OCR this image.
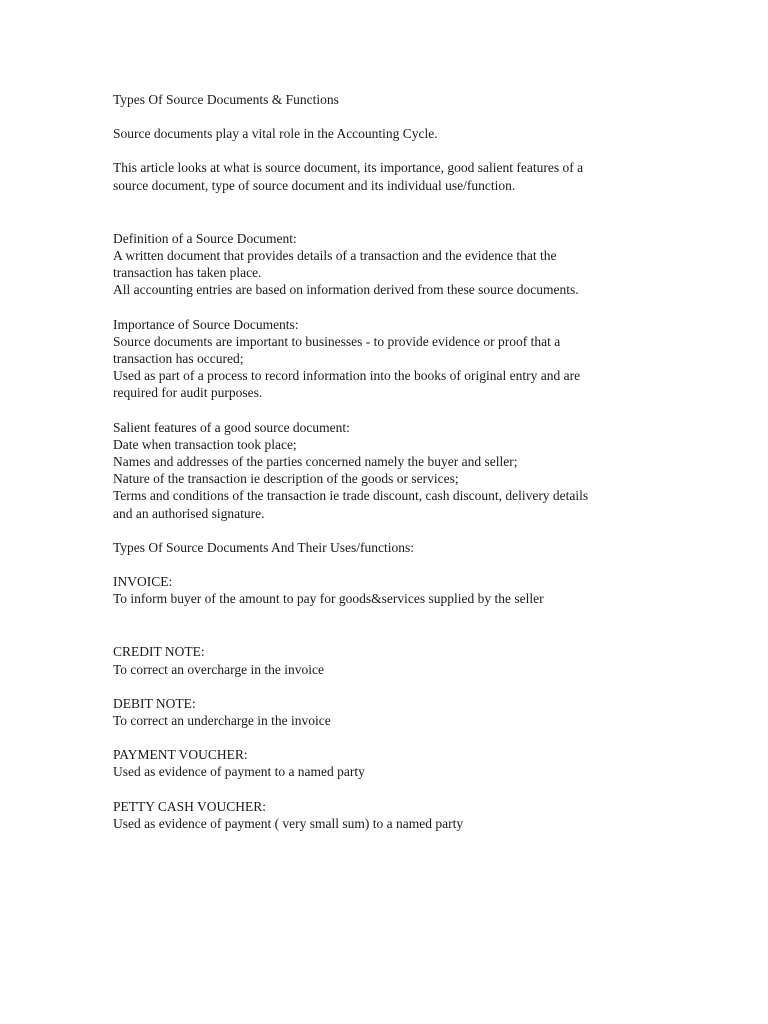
Types Of Source Documents & Functions
Source documents play a vital role in the Accounting Cycle.
This article looks at what is source document, its importance, good salient features of a
source document, type of source document and its individual use/function.
Definition of a Source Document:
A written document that provides details of a transaction and the evidence that the
transaction has taken place.
All accounting entries are based on information derived from these source documents.
Importance of Source Documents:
Source documents are important to businesses - to provide evidence or proof that a
transaction has occured;
Used as part of a process to record information into the books of original entry and are
required for audit purposes.
Salient features of a good source document:
Date when transaction took place;
Names and addresses of the parties concerned namely the buyer and seller;
Nature of the transaction ie description of the goods or services;
Terms and conditions of the transaction ie trade discount, cash discount, delivery details
and an authorised signature.
Types Of Source Documents And Their Uses/functions:
INVOICE:
To inform buyer of the amount to pay for goods&services supplied by the seller
CREDIT NOTE:
To correct an overcharge in the invoice
DEBIT NOTE:
To correct an undercharge in the invoice
PAYMENT VOUCHER:
Used as evidence of payment to a named party
PETTY CASH VOUCHER:
Used as evidence of payment ( very small sum) to a named party
